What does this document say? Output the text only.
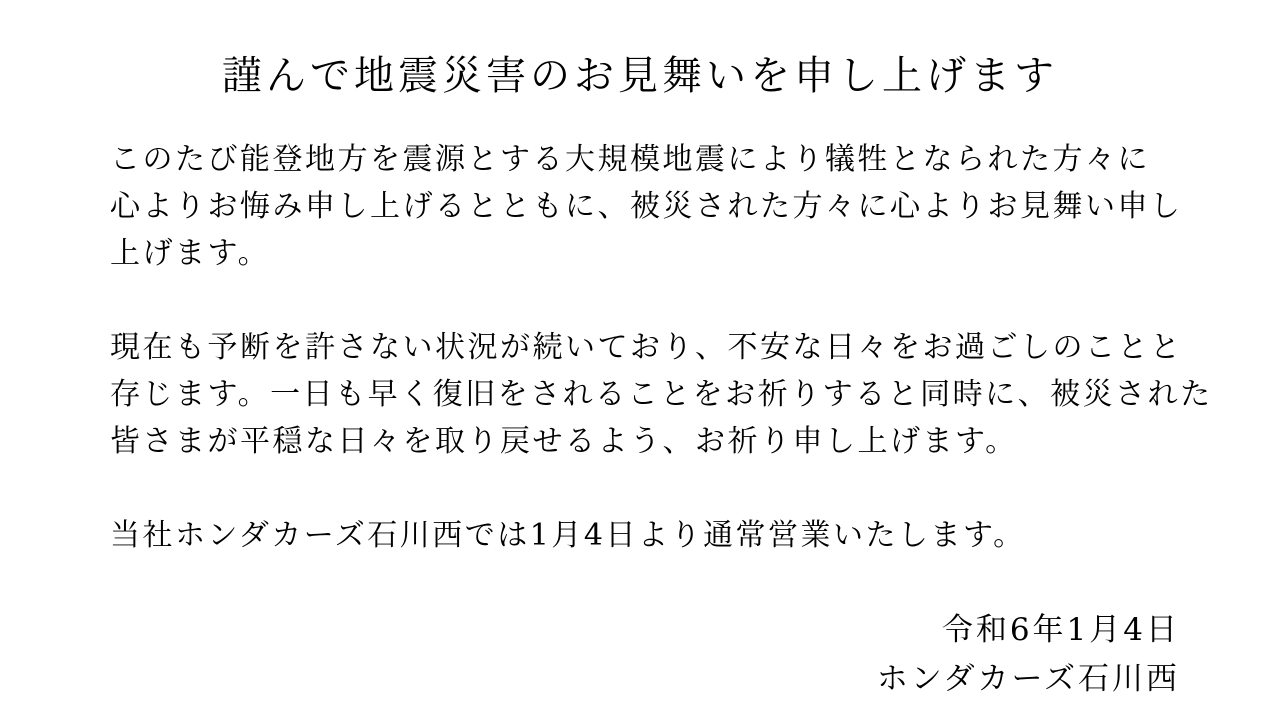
謹んで地震災害のお見舞いを申し上げます

このたび能登地方を震源とする大規模地震により犠牲となられた方々に
心よりお悔み申し上げるとともに、被災された方々に心よりお見舞い申し
上げます。

現在も予断を許さない状況が続いており、不安な日々をお過ごしのことと
存じます。一日も早く復旧をされることをお祈りすると同時に、被災された
皆さまが平穏な日々を取り戻せるよう、お祈り申し上げます。

当社ホンダカーズ石川西では1月4日より通常営業いたします。

令和6年1月4日
ホンダカーズ石川西
